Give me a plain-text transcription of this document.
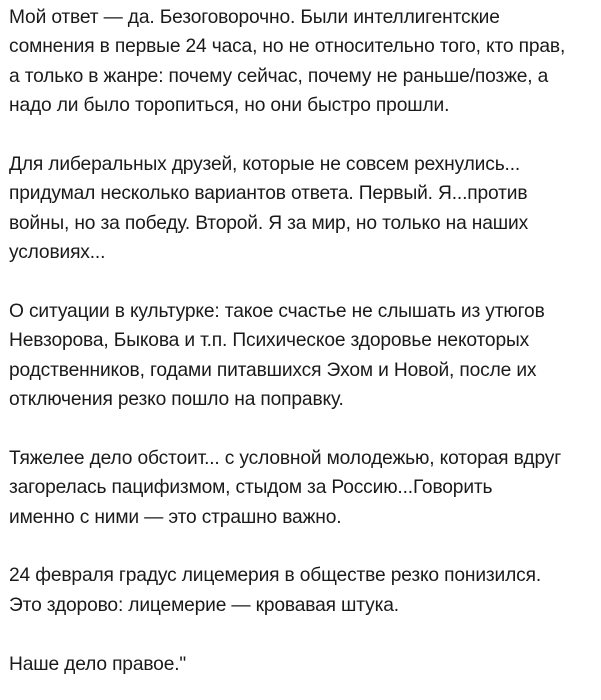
Мой ответ — да. Безоговорочно. Были интеллигентские
сомнения в первые 24 часа, но не относительно того, кто прав,
а только в жанре: почему сейчас, почему не раньше/позже, а
надо ли было торопиться, но они быстро прошли.
Для либеральных друзей, которые не совсем рехнулись...
придумал несколько вариантов ответа. Первый. Я...против
войны, но за победу. Второй. Я за мир, но только на наших
условиях...
О ситуации в культурке: такое счастье не слышать из утюгов
Невзорова, Быкова и т.п. Психическое здоровье некоторых
родственников, годами питавшихся Эхом и Новой, после их
отключения резко пошло на поправку.
Тяжелее дело обстоит... с условной молодежью, которая вдруг
загорелась пацифизмом, стыдом за Россию...Говорить
именно с ними — это страшно важно.
24 февраля градус лицемерия в обществе резко понизился.
Это здорово: лицемерие — кровавая штука.
Наше дело правое."
